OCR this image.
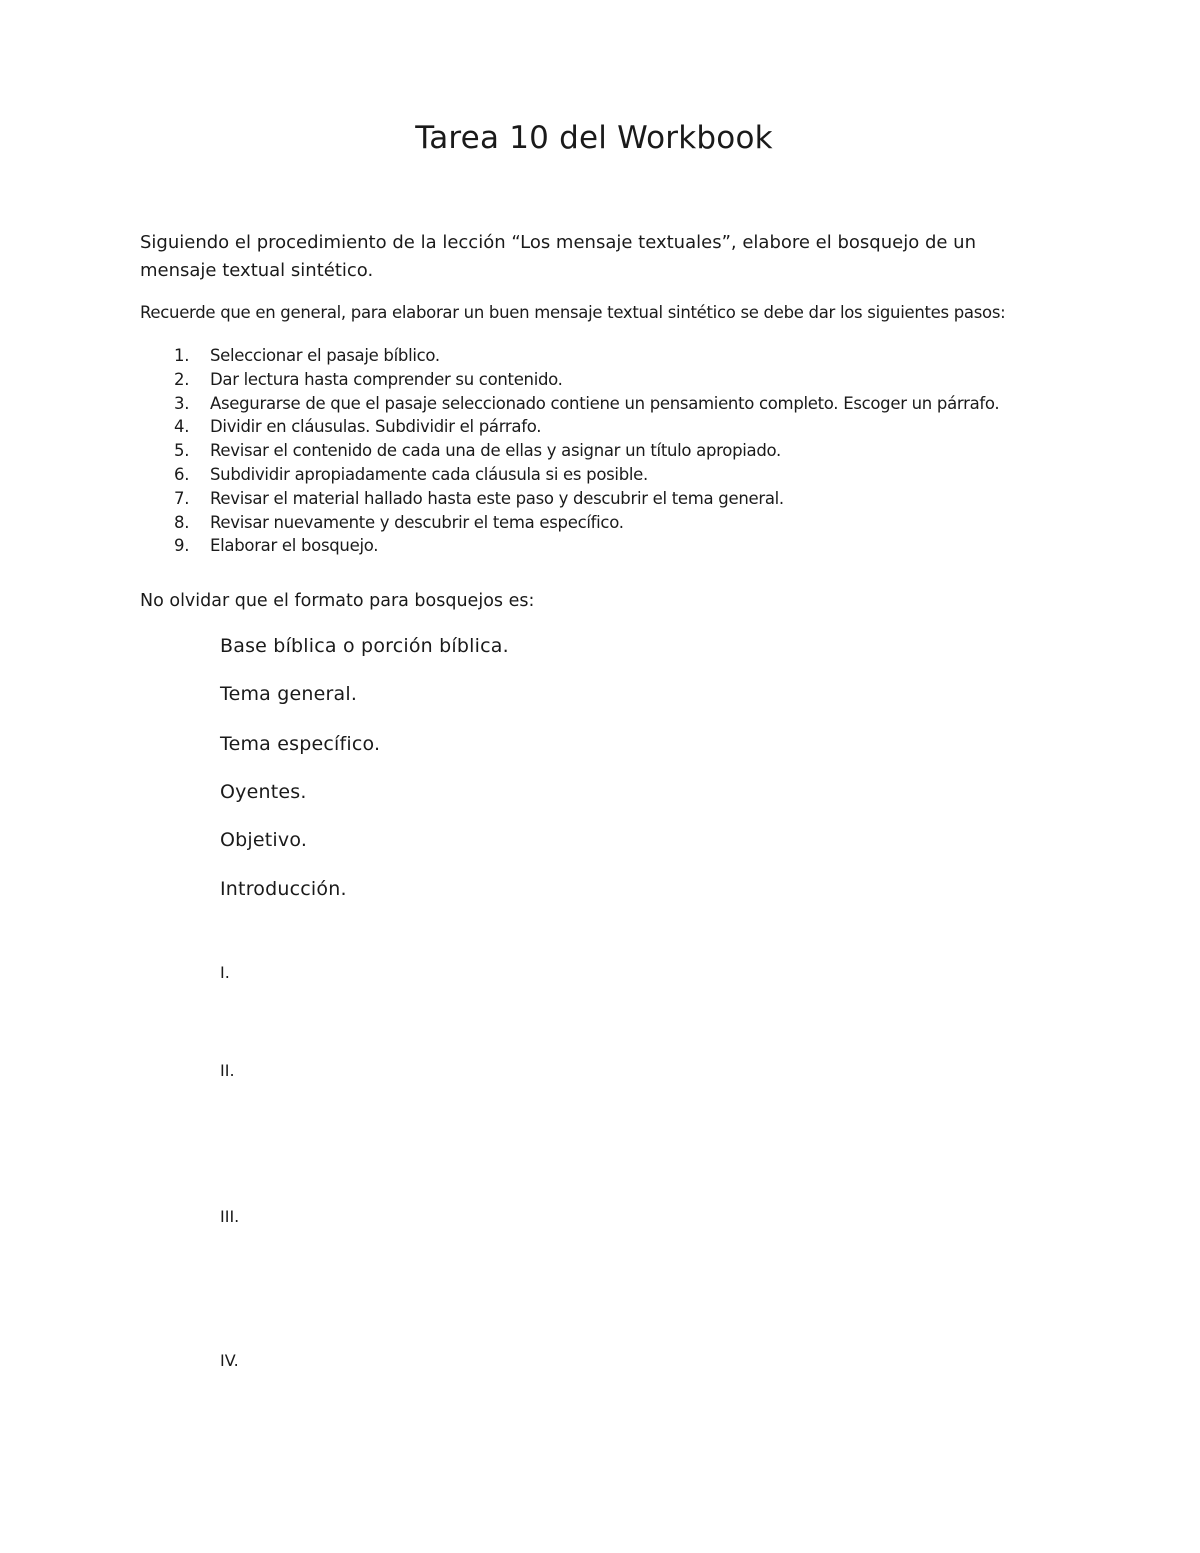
Tarea 10 del Workbook

Siguiendo el procedimiento de la lección “Los mensaje textuales”, elabore el bosquejo de un mensaje textual sintético.

Recuerde que en general, para elaborar un buen mensaje textual sintético se debe dar los siguientes pasos:

1.	Seleccionar el pasaje bíblico.
2.	Dar lectura hasta comprender su contenido.
3.	Asegurarse de que el pasaje seleccionado contiene un pensamiento completo. Escoger un párrafo.
4.	Dividir en cláusulas. Subdividir el párrafo.
5.	Revisar el contenido de cada una de ellas y asignar un título apropiado.
6.	Subdividir apropiadamente cada cláusula si es posible.
7.	Revisar el material hallado hasta este paso y descubrir el tema general.
8.	Revisar nuevamente y descubrir el tema específico.
9.	Elaborar el bosquejo.

No olvidar que el formato para bosquejos es:

Base bíblica o porción bíblica.

Tema general.

Tema específico.

Oyentes.

Objetivo.

Introducción.

I.

II.

III.

IV.
